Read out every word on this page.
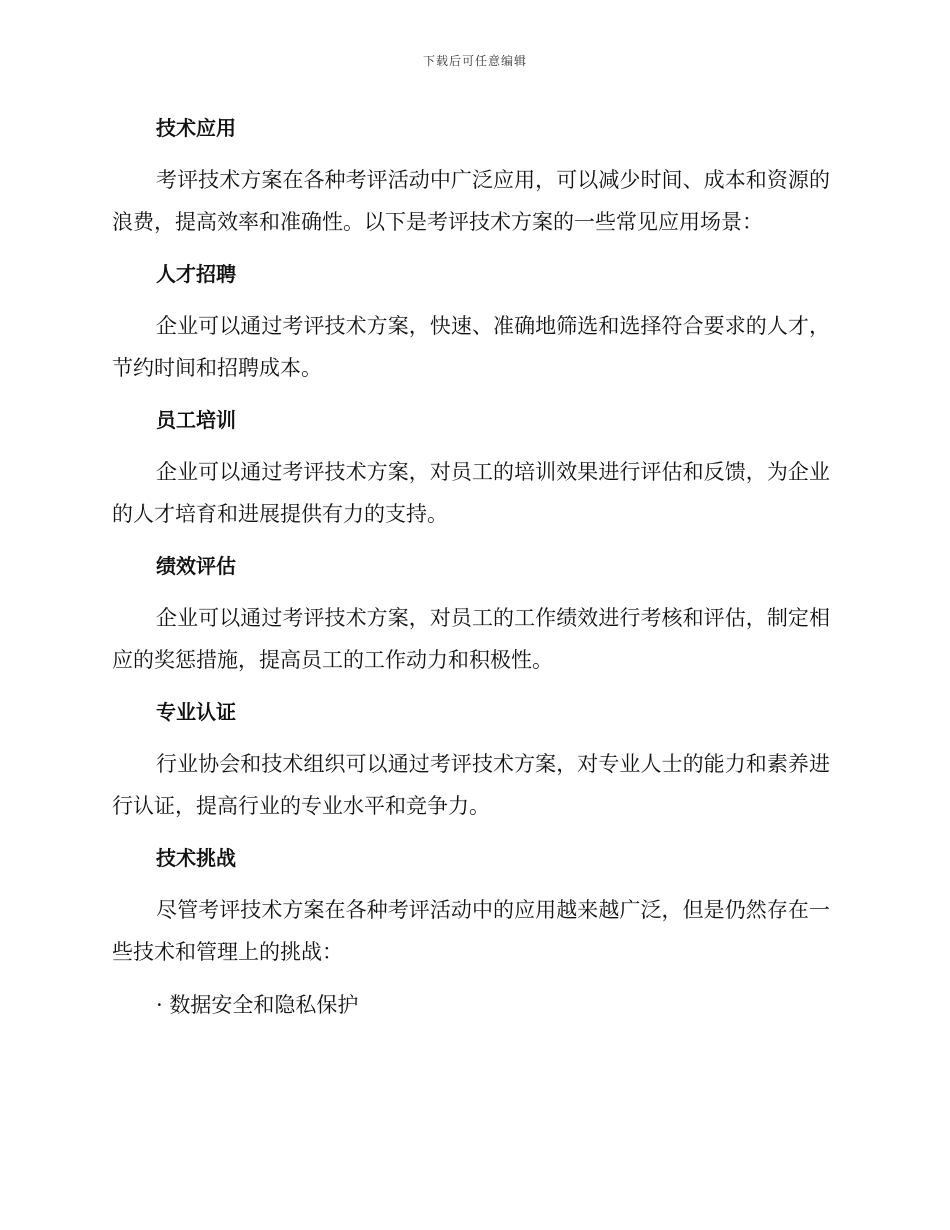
下载后可任意编辑
技术应用

考评技术方案在各种考评活动中广泛应用，可以减少时间、成本和资源的浪费，提高效率和准确性。以下是考评技术方案的一些常见应用场景：

人才招聘

企业可以通过考评技术方案，快速、准确地筛选和选择符合要求的人才，节约时间和招聘成本。

员工培训

企业可以通过考评技术方案，对员工的培训效果进行评估和反馈，为企业的人才培育和进展提供有力的支持。

绩效评估

企业可以通过考评技术方案，对员工的工作绩效进行考核和评估，制定相应的奖惩措施，提高员工的工作动力和积极性。

专业认证

行业协会和技术组织可以通过考评技术方案，对专业人士的能力和素养进行认证，提高行业的专业水平和竞争力。

技术挑战

尽管考评技术方案在各种考评活动中的应用越来越广泛，但是仍然存在一些技术和管理上的挑战：

· 数据安全和隐私保护
